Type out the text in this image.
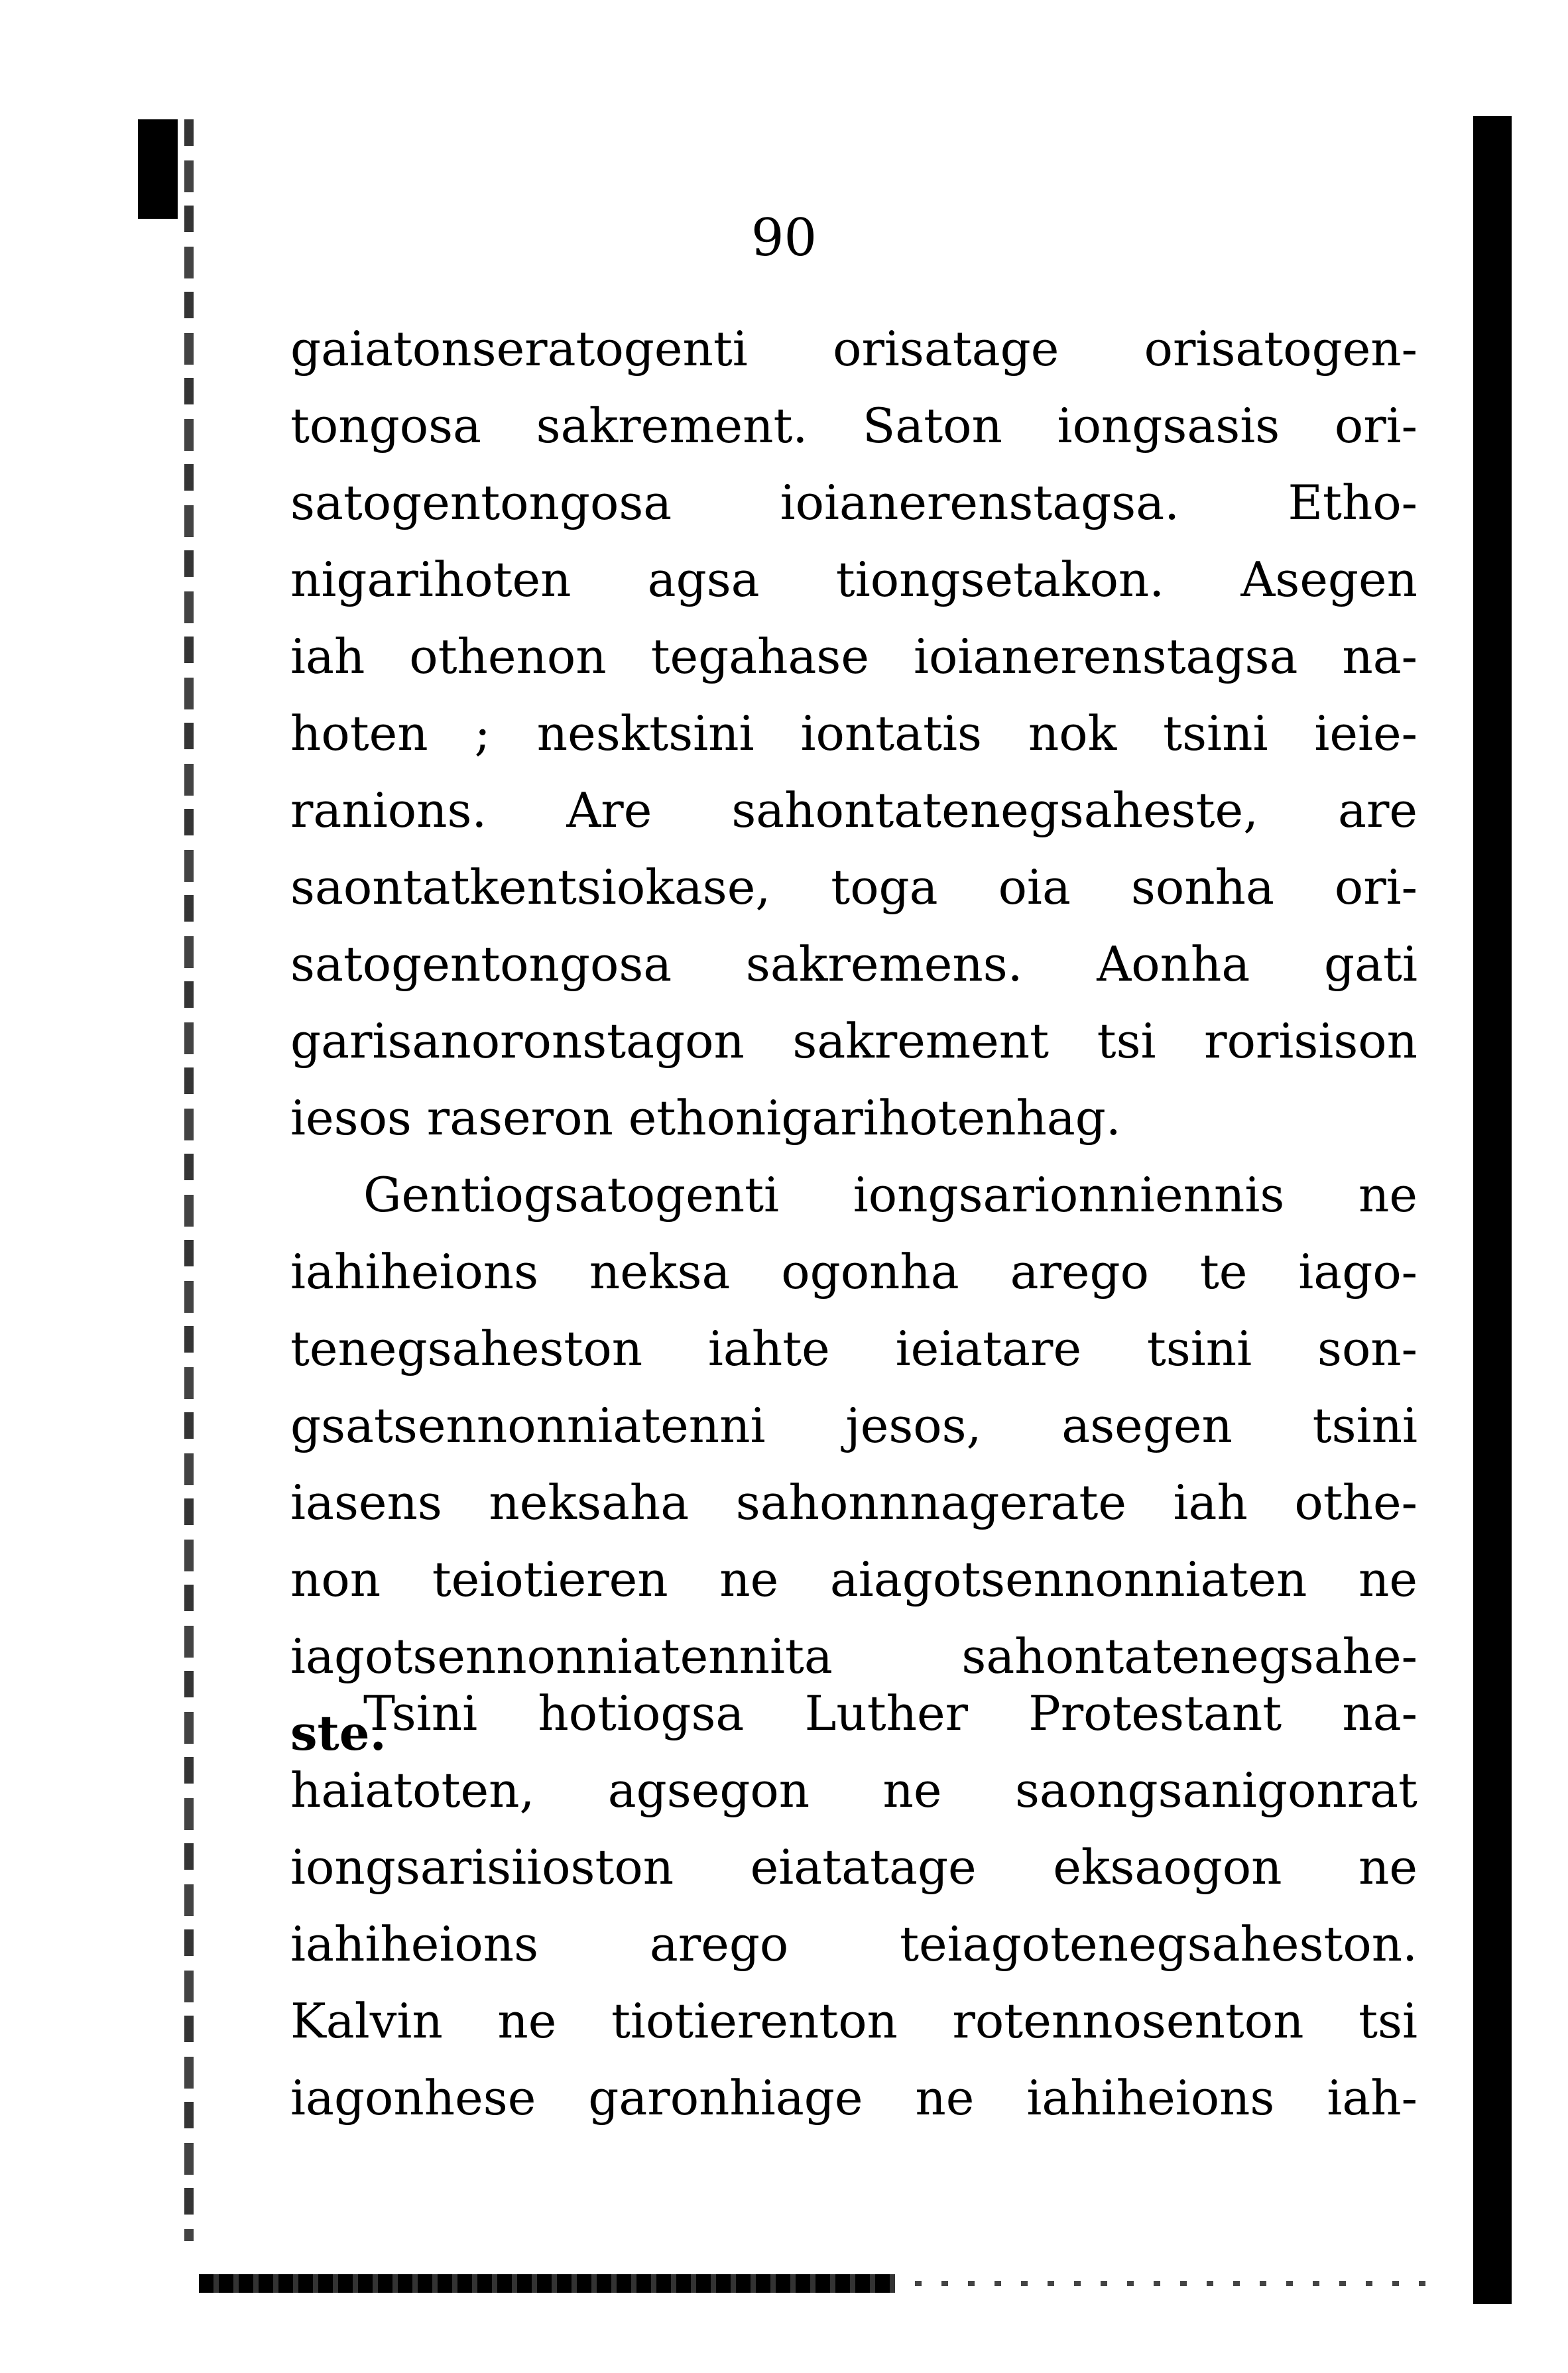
90
gaiatonseratogenti orisatage orisatogen-
tongosa sakrement. Saton iongsasis ori-
satogentongosa ioianerenstagsa. Etho-
nigarihoten agsa tiongsetakon. Asegen
iah othenon tegahase ioianerenstagsa na-
hoten ; nesktsini iontatis nok tsini ieie-
ranions. Are sahontatenegsaheste, are
saontatkentsiokase, toga oia sonha ori-
satogentongosa sakremens. Aonha gati
garisanoronstagon sakrement tsi rorisison
iesos raseron ethonigarihotenhag.
Gentiogsatogenti iongsarionniennis ne
iahiheions neksa ogonha arego te iago-
tenegsaheston iahte ieiatare tsini son-
gsatsennonniatenni jesos, asegen tsini
iasens neksaha sahonnnagerate iah othe-
non teiotieren ne aiagotsennonniaten ne
iagotsennonniatennita sahontatenegsahe-
ste.
Tsini hotiogsa Luther Protestant na-
haiatoten, agsegon ne saongsanigonrat
iongsarisiioston eiatatage eksaogon ne
iahiheions arego teiagotenegsaheston.
Kalvin ne tiotierenton rotennosenton tsi
iagonhese garonhiage ne iahiheions iah-
